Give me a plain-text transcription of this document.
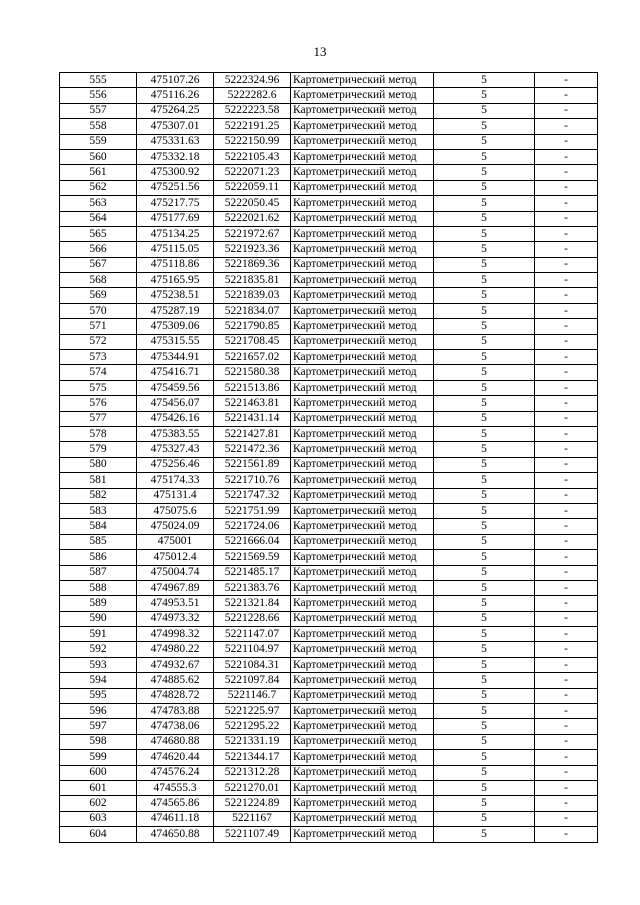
13
555	475107.26	5222324.96	Картометрический метод	5	-
556	475116.26	5222282.6	Картометрический метод	5	-
557	475264.25	5222223.58	Картометрический метод	5	-
558	475307.01	5222191.25	Картометрический метод	5	-
559	475331.63	5222150.99	Картометрический метод	5	-
560	475332.18	5222105.43	Картометрический метод	5	-
561	475300.92	5222071.23	Картометрический метод	5	-
562	475251.56	5222059.11	Картометрический метод	5	-
563	475217.75	5222050.45	Картометрический метод	5	-
564	475177.69	5222021.62	Картометрический метод	5	-
565	475134.25	5221972.67	Картометрический метод	5	-
566	475115.05	5221923.36	Картометрический метод	5	-
567	475118.86	5221869.36	Картометрический метод	5	-
568	475165.95	5221835.81	Картометрический метод	5	-
569	475238.51	5221839.03	Картометрический метод	5	-
570	475287.19	5221834.07	Картометрический метод	5	-
571	475309.06	5221790.85	Картометрический метод	5	-
572	475315.55	5221708.45	Картометрический метод	5	-
573	475344.91	5221657.02	Картометрический метод	5	-
574	475416.71	5221580.38	Картометрический метод	5	-
575	475459.56	5221513.86	Картометрический метод	5	-
576	475456.07	5221463.81	Картометрический метод	5	-
577	475426.16	5221431.14	Картометрический метод	5	-
578	475383.55	5221427.81	Картометрический метод	5	-
579	475327.43	5221472.36	Картометрический метод	5	-
580	475256.46	5221561.89	Картометрический метод	5	-
581	475174.33	5221710.76	Картометрический метод	5	-
582	475131.4	5221747.32	Картометрический метод	5	-
583	475075.6	5221751.99	Картометрический метод	5	-
584	475024.09	5221724.06	Картометрический метод	5	-
585	475001	5221666.04	Картометрический метод	5	-
586	475012.4	5221569.59	Картометрический метод	5	-
587	475004.74	5221485.17	Картометрический метод	5	-
588	474967.89	5221383.76	Картометрический метод	5	-
589	474953.51	5221321.84	Картометрический метод	5	-
590	474973.32	5221228.66	Картометрический метод	5	-
591	474998.32	5221147.07	Картометрический метод	5	-
592	474980.22	5221104.97	Картометрический метод	5	-
593	474932.67	5221084.31	Картометрический метод	5	-
594	474885.62	5221097.84	Картометрический метод	5	-
595	474828.72	5221146.7	Картометрический метод	5	-
596	474783.88	5221225.97	Картометрический метод	5	-
597	474738.06	5221295.22	Картометрический метод	5	-
598	474680.88	5221331.19	Картометрический метод	5	-
599	474620.44	5221344.17	Картометрический метод	5	-
600	474576.24	5221312.28	Картометрический метод	5	-
601	474555.3	5221270.01	Картометрический метод	5	-
602	474565.86	5221224.89	Картометрический метод	5	-
603	474611.18	5221167	Картометрический метод	5	-
604	474650.88	5221107.49	Картометрический метод	5	-
